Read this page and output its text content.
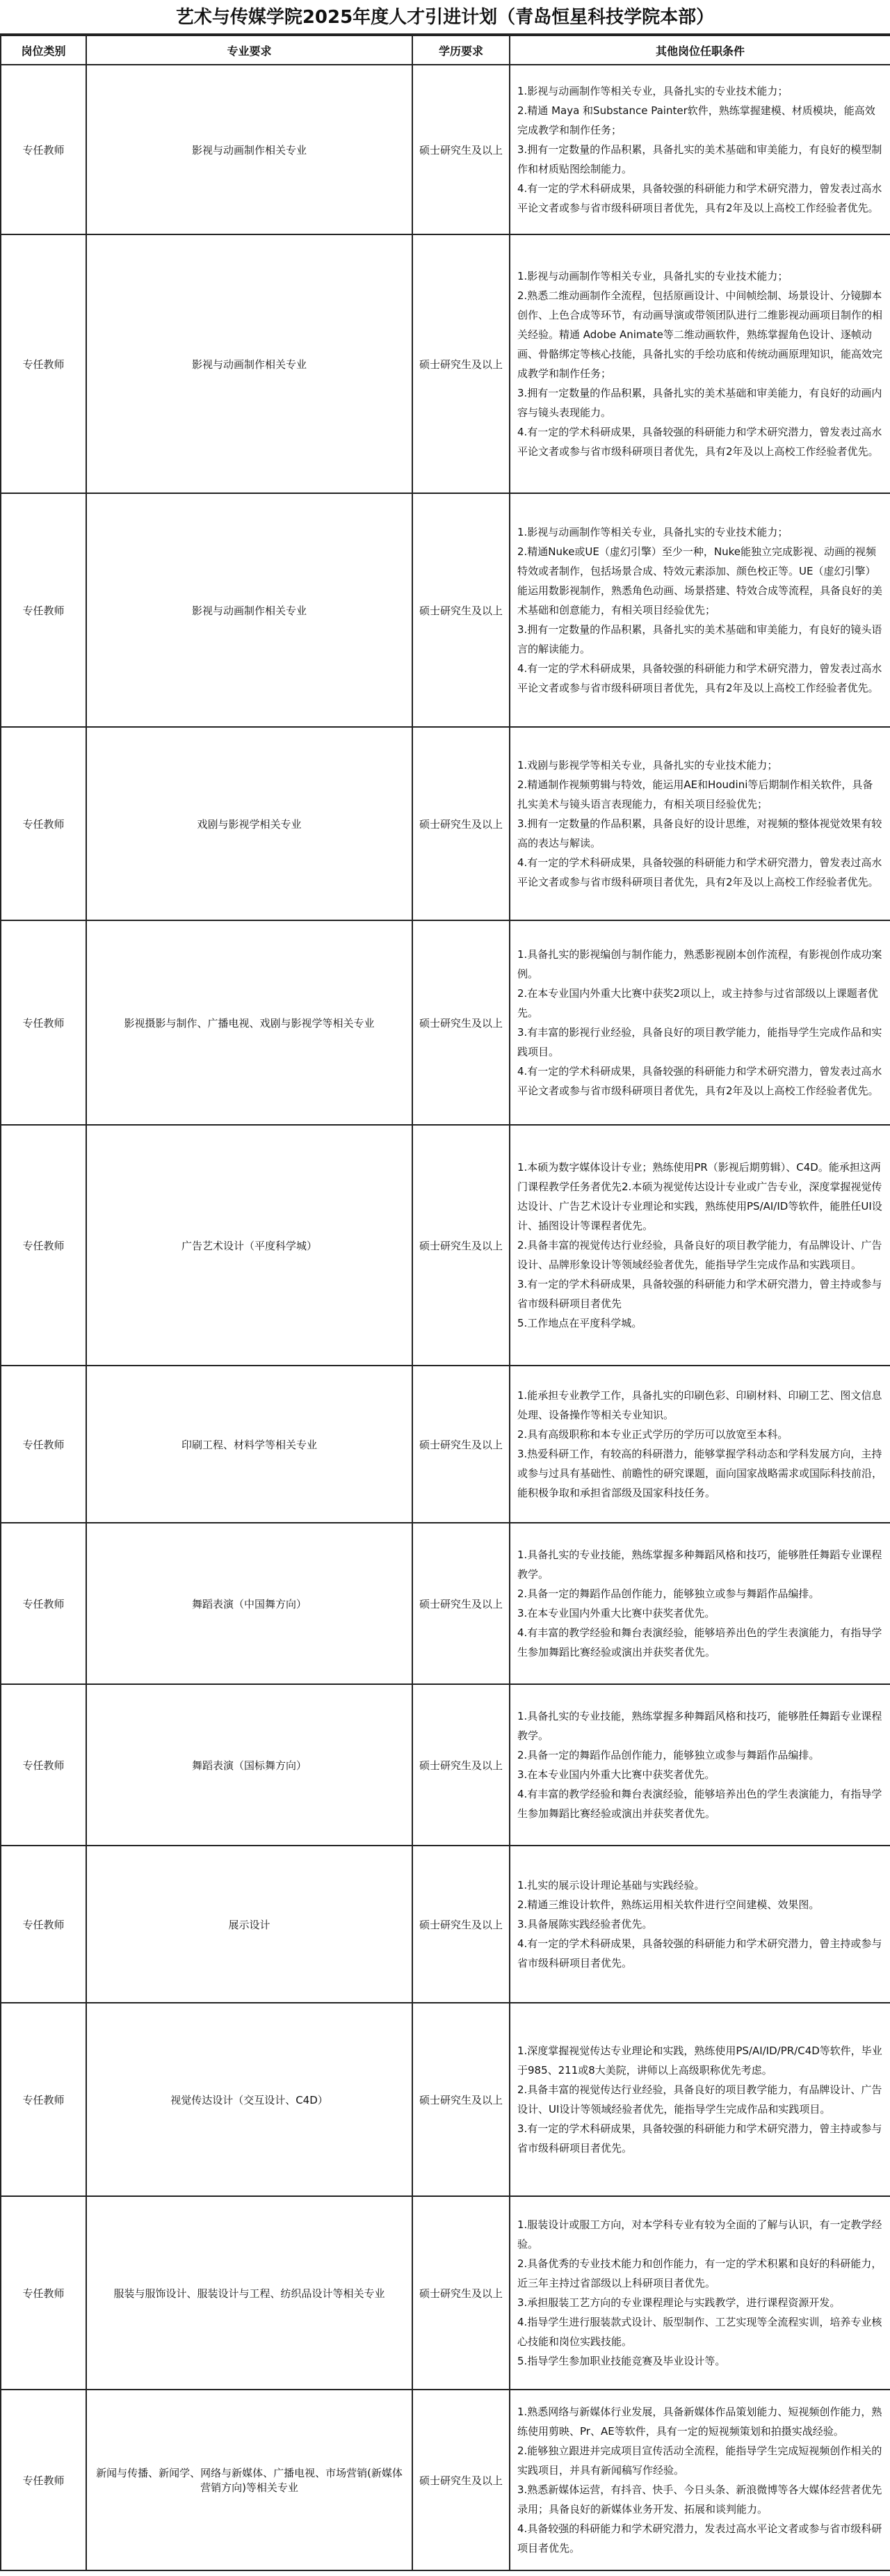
艺术与传媒学院2025年度人才引进计划（青岛恒星科技学院本部）
岗位类别	专业要求	学历要求	其他岗位任职条件
专任教师	影视与动画制作相关专业	硕士研究生及以上	1.影视与动画制作等相关专业，具备扎实的专业技术能力；
2.精通 Maya 和Substance Painter软件，熟练掌握建模、材质模块，能高效完成教学和制作任务；
3.拥有一定数量的作品积累，具备扎实的美术基础和审美能力，有良好的模型制作和材质贴图绘制能力。
4.有一定的学术科研成果，具备较强的科研能力和学术研究潜力，曾发表过高水平论文者或参与省市级科研项目者优先，具有2年及以上高校工作经验者优先。

专任教师	影视与动画制作相关专业	硕士研究生及以上	1.影视与动画制作等相关专业，具备扎实的专业技术能力；
2.熟悉二维动画制作全流程，包括原画设计、中间帧绘制、场景设计、分镜脚本创作、上色合成等环节，有动画导演或带领团队进行二维影视动画项目制作的相关经验。精通 Adobe Animate等二维动画软件，熟练掌握角色设计、逐帧动画、骨骼绑定等核心技能，具备扎实的手绘功底和传统动画原理知识，能高效完成教学和制作任务；
3.拥有一定数量的作品积累，具备扎实的美术基础和审美能力，有良好的动画内容与镜头表现能力。
4.有一定的学术科研成果，具备较强的科研能力和学术研究潜力，曾发表过高水平论文者或参与省市级科研项目者优先，具有2年及以上高校工作经验者优先。

专任教师	影视与动画制作相关专业	硕士研究生及以上	1.影视与动画制作等相关专业，具备扎实的专业技术能力；
2.精通Nuke或UE（虚幻引擎）至少一种，Nuke能独立完成影视、动画的视频特效或者制作，包括场景合成、特效元素添加、颜色校正等。UE（虚幻引擎）能运用数影视制作，熟悉角色动画、场景搭建、特效合成等流程，具备良好的美术基础和创意能力，有相关项目经验优先；
3.拥有一定数量的作品积累，具备扎实的美术基础和审美能力，有良好的镜头语言的解读能力。
4.有一定的学术科研成果，具备较强的科研能力和学术研究潜力，曾发表过高水平论文者或参与省市级科研项目者优先，具有2年及以上高校工作经验者优先。

专任教师	戏剧与影视学相关专业	硕士研究生及以上	1.戏剧与影视学等相关专业，具备扎实的专业技术能力；
2.精通制作视频剪辑与特效，能运用AE和Houdini等后期制作相关软件，具备扎实美术与镜头语言表现能力，有相关项目经验优先；
3.拥有一定数量的作品积累，具备良好的设计思维，对视频的整体视觉效果有较高的表达与解读。
4.有一定的学术科研成果，具备较强的科研能力和学术研究潜力，曾发表过高水平论文者或参与省市级科研项目者优先，具有2年及以上高校工作经验者优先。

专任教师	影视摄影与制作、广播电视、戏剧与影视学等相关专业	硕士研究生及以上	1.具备扎实的影视编创与制作能力，熟悉影视剧本创作流程，有影视创作成功案例。
2.在本专业国内外重大比赛中获奖2项以上，或主持参与过省部级以上课题者优先。
3.有丰富的影视行业经验，具备良好的项目教学能力，能指导学生完成作品和实践项目。
4.有一定的学术科研成果，具备较强的科研能力和学术研究潜力，曾发表过高水平论文者或参与省市级科研项目者优先，具有2年及以上高校工作经验者优先。

专任教师	广告艺术设计（平度科学城）	硕士研究生及以上	1.本硕为数字媒体设计专业；熟练使用PR（影视后期剪辑）、C4D。能承担这两门课程教学任务者优先2.本硕为视觉传达设计专业或广告专业，深度掌握视觉传达设计、广告艺术设计专业理论和实践，熟练使用PS/AI/ID等软件，能胜任UI设计、插图设计等课程者优先。
2.具备丰富的视觉传达行业经验，具备良好的项目教学能力，有品牌设计、广告设计、品牌形象设计等领域经验者优先，能指导学生完成作品和实践项目。
3.有一定的学术科研成果，具备较强的科研能力和学术研究潜力，曾主持或参与省市级科研项目者优先
5.工作地点在平度科学城。

专任教师	印刷工程、材料学等相关专业	硕士研究生及以上	1.能承担专业教学工作，具备扎实的印刷色彩、印刷材料、印刷工艺、图文信息处理、设备操作等相关专业知识。
2.具有高级职称和本专业正式学历的学历可以放宽至本科。
3.热爱科研工作，有较高的科研潜力，能够掌握学科动态和学科发展方向，主持或参与过具有基础性、前瞻性的研究课题，面向国家战略需求或国际科技前沿，能积极争取和承担省部级及国家科技任务。

专任教师	舞蹈表演（中国舞方向）	硕士研究生及以上	1.具备扎实的专业技能，熟练掌握多种舞蹈风格和技巧，能够胜任舞蹈专业课程教学。
2.具备一定的舞蹈作品创作能力，能够独立或参与舞蹈作品编排。
3.在本专业国内外重大比赛中获奖者优先。
4.有丰富的教学经验和舞台表演经验，能够培养出色的学生表演能力，有指导学生参加舞蹈比赛经验或演出并获奖者优先。

专任教师	舞蹈表演（国标舞方向）	硕士研究生及以上	1.具备扎实的专业技能，熟练掌握多种舞蹈风格和技巧，能够胜任舞蹈专业课程教学。
2.具备一定的舞蹈作品创作能力，能够独立或参与舞蹈作品编排。
3.在本专业国内外重大比赛中获奖者优先。
4.有丰富的教学经验和舞台表演经验，能够培养出色的学生表演能力，有指导学生参加舞蹈比赛经验或演出并获奖者优先。

专任教师	展示设计	硕士研究生及以上	1.扎实的展示设计理论基础与实践经验。
2.精通三维设计软件，熟练运用相关软件进行空间建模、效果图。
3.具备展陈实践经验者优先。
4.有一定的学术科研成果，具备较强的科研能力和学术研究潜力，曾主持或参与省市级科研项目者优先。

专任教师	视觉传达设计（交互设计、C4D）	硕士研究生及以上	1.深度掌握视觉传达专业理论和实践，熟练使用PS/AI/ID/PR/C4D等软件，毕业于985、211或8大美院，讲师以上高级职称优先考虑。
2.具备丰富的视觉传达行业经验，具备良好的项目教学能力，有品牌设计、广告设计、UI设计等领域经验者优先，能指导学生完成作品和实践项目。
3.有一定的学术科研成果，具备较强的科研能力和学术研究潜力，曾主持或参与省市级科研项目者优先。

专任教师	服装与服饰设计、服装设计与工程、纺织品设计等相关专业	硕士研究生及以上	1.服装设计或服工方向，对本学科专业有较为全面的了解与认识，有一定教学经验。
2.具备优秀的专业技术能力和创作能力，有一定的学术积累和良好的科研能力，近三年主持过省部级以上科研项目者优先。
3.承担服装工艺方向的专业课程理论与实践教学，进行课程资源开发。
4.指导学生进行服装款式设计、版型制作、工艺实现等全流程实训，培养专业核心技能和岗位实践技能。
5.指导学生参加职业技能竞赛及毕业设计等。

专任教师	新闻与传播、新闻学、网络与新媒体、广播电视、市场营销(新媒体营销方向)等相关专业	硕士研究生及以上	1.熟悉网络与新媒体行业发展，具备新媒体作品策划能力、短视频创作能力，熟练使用剪映、Pr、AE等软件，具有一定的短视频策划和拍摄实战经验。
2.能够独立跟进并完成项目宣传活动全流程，能指导学生完成短视频创作相关的实践项目，并具有新闻稿写作经验。
3.熟悉新媒体运营，有抖音、快手、今日头条、新浪微博等各大媒体经营者优先录用；具备良好的新媒体业务开发、拓展和谈判能力。
4.具备较强的科研能力和学术研究潜力，发表过高水平论文者或参与省市级科研项目者优先。
